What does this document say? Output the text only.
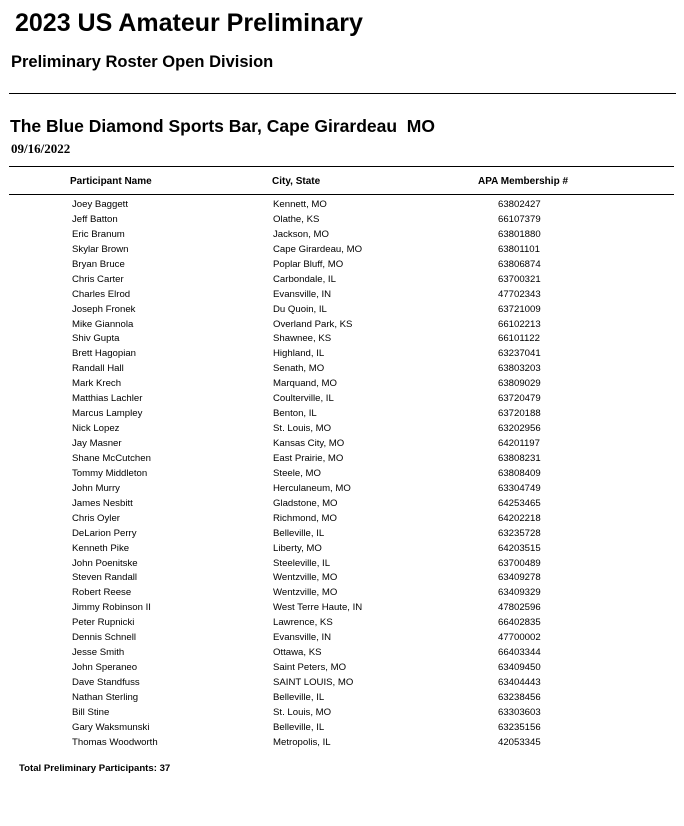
2023 US Amateur Preliminary
Preliminary Roster Open Division
The Blue Diamond Sports Bar, Cape Girardeau  MO
09/16/2022
Participant Name	City, State	APA Membership #
Joey Baggett	Kennett, MO	63802427
Jeff Batton	Olathe, KS	66107379
Eric Branum	Jackson, MO	63801880
Skylar Brown	Cape Girardeau, MO	63801101
Bryan Bruce	Poplar Bluff, MO	63806874
Chris Carter	Carbondale, IL	63700321
Charles Elrod	Evansville, IN	47702343
Joseph Fronek	Du Quoin, IL	63721009
Mike Giannola	Overland Park, KS	66102213
Shiv Gupta	Shawnee, KS	66101122
Brett Hagopian	Highland, IL	63237041
Randall Hall	Senath, MO	63803203
Mark Krech	Marquand, MO	63809029
Matthias Lachler	Coulterville, IL	63720479
Marcus Lampley	Benton, IL	63720188
Nick Lopez	St. Louis, MO	63202956
Jay Masner	Kansas City, MO	64201197
Shane McCutchen	East Prairie, MO	63808231
Tommy Middleton	Steele, MO	63808409
John Murry	Herculaneum, MO	63304749
James Nesbitt	Gladstone, MO	64253465
Chris Oyler	Richmond, MO	64202218
DeLarion Perry	Belleville, IL	63235728
Kenneth Pike	Liberty, MO	64203515
John Poenitske	Steeleville, IL	63700489
Steven Randall	Wentzville, MO	63409278
Robert Reese	Wentzville, MO	63409329
Jimmy Robinson II	West Terre Haute, IN	47802596
Peter Rupnicki	Lawrence, KS	66402835
Dennis Schnell	Evansville, IN	47700002
Jesse Smith	Ottawa, KS	66403344
John Speraneo	Saint Peters, MO	63409450
Dave Standfuss	SAINT LOUIS, MO	63404443
Nathan Sterling	Belleville, IL	63238456
Bill Stine	St. Louis, MO	63303603
Gary Waksmunski	Belleville, IL	63235156
Thomas Woodworth	Metropolis, IL	42053345
Total Preliminary Participants: 37
